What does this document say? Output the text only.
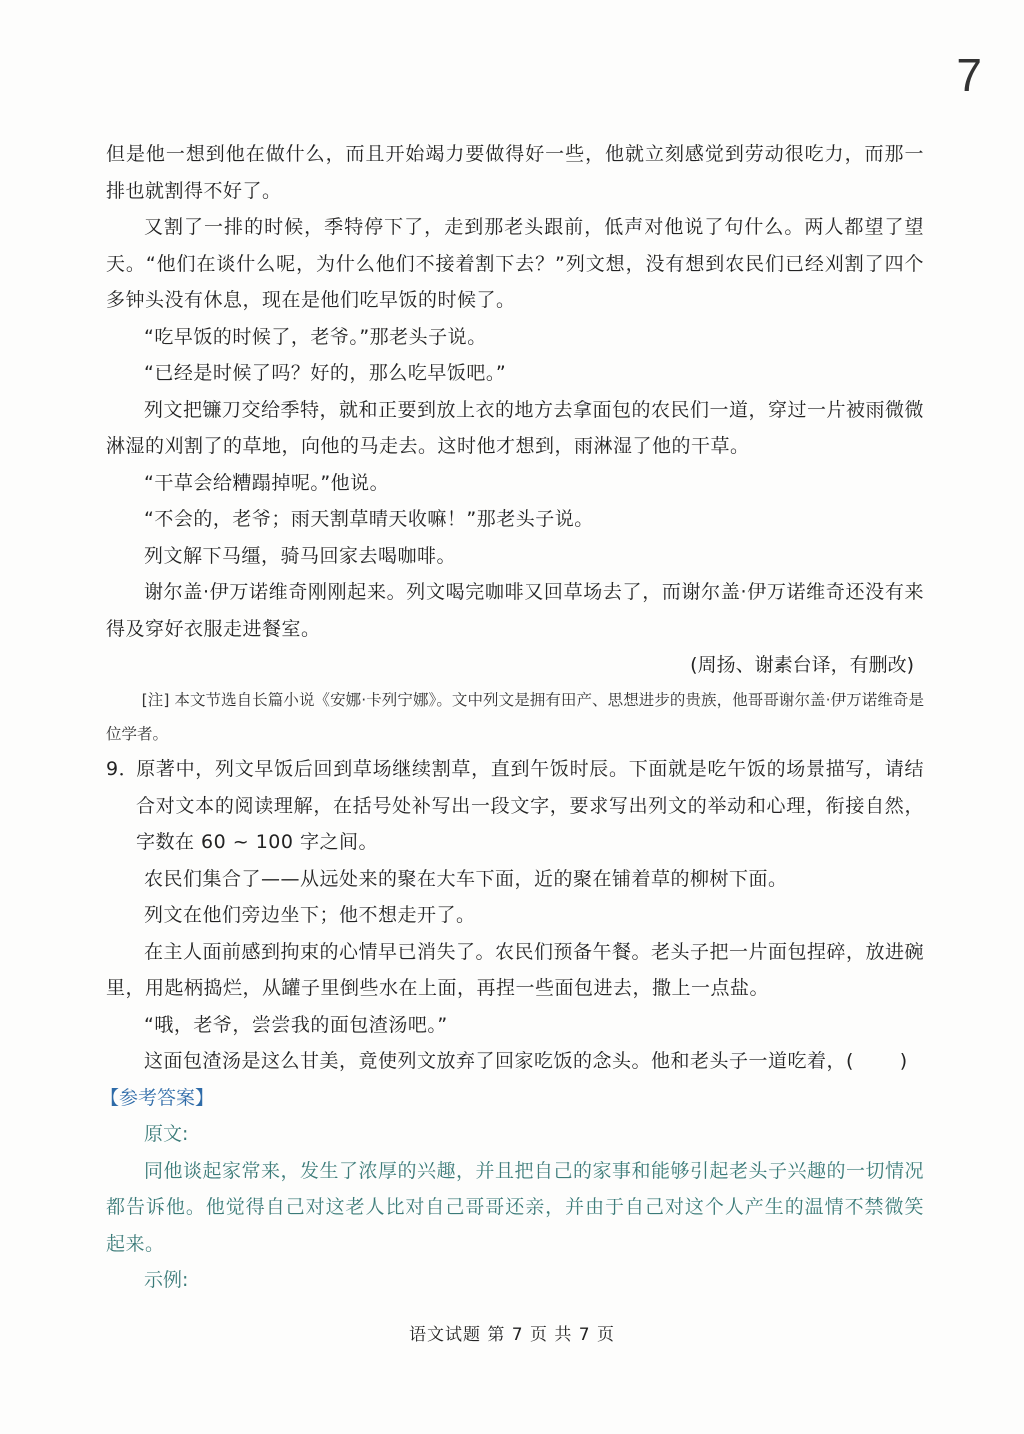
7

但是他一想到他在做什么，而且开始竭力要做得好一些，他就立刻感觉到劳动很吃力，而那一排也就割得不好了。

又割了一排的时候，季特停下了，走到那老头跟前，低声对他说了句什么。两人都望了望天。“他们在谈什么呢，为什么他们不接着割下去？”列文想，没有想到农民们已经刈割了四个多钟头没有休息，现在是他们吃早饭的时候了。

“吃早饭的时候了，老爷。”那老头子说。

“已经是时候了吗？好的，那么吃早饭吧。”

列文把镰刀交给季特，就和正要到放上衣的地方去拿面包的农民们一道，穿过一片被雨微微淋湿的刈割了的草地，向他的马走去。这时他才想到，雨淋湿了他的干草。

“干草会给糟蹋掉呢。”他说。

“不会的，老爷；雨天割草晴天收嘛！”那老头子说。

列文解下马缰，骑马回家去喝咖啡。

谢尔盖·伊万诺维奇刚刚起来。列文喝完咖啡又回草场去了，而谢尔盖·伊万诺维奇还没有来得及穿好衣服走进餐室。

(周扬、谢素台译，有删改)

[注] 本文节选自长篇小说《安娜·卡列宁娜》。文中列文是拥有田产、思想进步的贵族，他哥哥谢尔盖·伊万诺维奇是位学者。

9．原著中，列文早饭后回到草场继续割草，直到午饭时辰。下面就是吃午饭的场景描写，请结合对文本的阅读理解，在括号处补写出一段文字，要求写出列文的举动和心理，衔接自然，字数在 60 ~ 100 字之间。

农民们集合了——从远处来的聚在大车下面，近的聚在铺着草的柳树下面。

列文在他们旁边坐下；他不想走开了。

在主人面前感到拘束的心情早已消失了。农民们预备午餐。老头子把一片面包捏碎，放进碗里，用匙柄捣烂，从罐子里倒些水在上面，再捏一些面包进去，撒上一点盐。

“哦，老爷，尝尝我的面包渣汤吧。”

这面包渣汤是这么甘美，竟使列文放弃了回家吃饭的念头。他和老头子一道吃着，(       )

【参考答案】

原文:

同他谈起家常来，发生了浓厚的兴趣，并且把自己的家事和能够引起老头子兴趣的一切情况都告诉他。他觉得自己对这老人比对自己哥哥还亲，并由于自己对这个人产生的温情不禁微笑起来。

示例:

语文试题 第 7 页 共 7 页
